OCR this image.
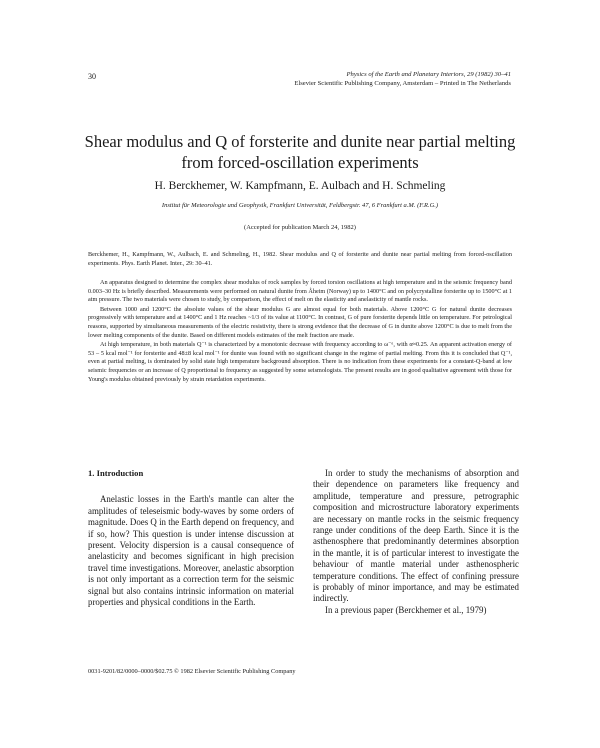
30	Physics of the Earth and Planetary Interiors, 29 (1982) 30–41
Elsevier Scientific Publishing Company, Amsterdam – Printed in The Netherlands
Shear modulus and Q of forsterite and dunite near partial melting
from forced-oscillation experiments
H. Berckhemer, W. Kampfmann, E. Aulbach and H. Schmeling
Institut für Meteorologie und Geophysik, Frankfurt Universität, Feldbergstr. 47, 6 Frankfurt a.M. (F.R.G.)
(Accepted for publication March 24, 1982)
Berckhemer, H., Kampfmann, W., Aulbach, E. and Schmeling, H., 1982. Shear modulus and Q of forsterite and dunite near partial melting from forced-oscillation experiments. Phys. Earth Planet. Inter., 29: 30–41.

An apparatus designed to determine the complex shear modulus of rock samples by forced torsion oscillations at high temperature and in the seismic frequency band 0.003–30 Hz is briefly described. Measurements were performed on natural dunite from Åheim (Norway) up to 1400°C and on polycrystalline forsterite up to 1500°C at 1 atm pressure. The two materials were chosen to study, by comparison, the effect of melt on the elasticity and anelasticity of mantle rocks.

Between 1000 and 1200°C the absolute values of the shear modulus G are almost equal for both materials. Above 1200°C G for natural dunite decreases progressively with temperature and at 1400°C and 1 Hz reaches ~1/3 of its value at 1100°C. In contrast, G of pure forsterite depends little on temperature. For petrological reasons, supported by simultaneous measurements of the electric resistivity, there is strong evidence that the decrease of G in dunite above 1200°C is due to melt from the lower melting components of the dunite. Based on different models estimates of the melt fraction are made.

At high temperature, in both materials Q⁻¹ is characterized by a monotonic decrease with frequency according to ω⁻ᵅ, with α≈0.25. An apparent activation energy of 53 – 5 kcal mol⁻¹ for forsterite and 48±8 kcal mol⁻¹ for dunite was found with no significant change in the regime of partial melting. From this it is concluded that Q⁻¹, even at partial melting, is dominated by solid state high temperature background absorption. There is no indication from these experiments for a constant-Q-band at low seismic frequencies or an increase of Q proportional to frequency as suggested by some seismologists. The present results are in good qualitative agreement with those for Young's modulus obtained previously by strain retardation experiments.

1. Introduction

Anelastic losses in the Earth's mantle can alter the amplitudes of teleseismic body-waves by some orders of magnitude. Does Q in the Earth depend on frequency, and if so, how? This question is under intense discussion at present. Velocity dispersion is a causal consequence of anelasticity and becomes significant in high precision travel time investigations. Moreover, anelastic absorption is not only important as a correction term for the seismic signal but also contains intrinsic information on material properties and physical conditions in the Earth.

In order to study the mechanisms of absorption and their dependence on parameters like frequency and amplitude, temperature and pressure, petrographic composition and microstructure laboratory experiments are necessary on mantle rocks in the seismic frequency range under conditions of the deep Earth. Since it is the asthenosphere that predominantly determines absorption in the mantle, it is of particular interest to investigate the behaviour of mantle material under asthenospheric temperature conditions. The effect of confining pressure is probably of minor importance, and may be estimated indirectly.

In a previous paper (Berckhemer et al., 1979)

0031-9201/82/0000–0000/$02.75 © 1982 Elsevier Scientific Publishing Company
